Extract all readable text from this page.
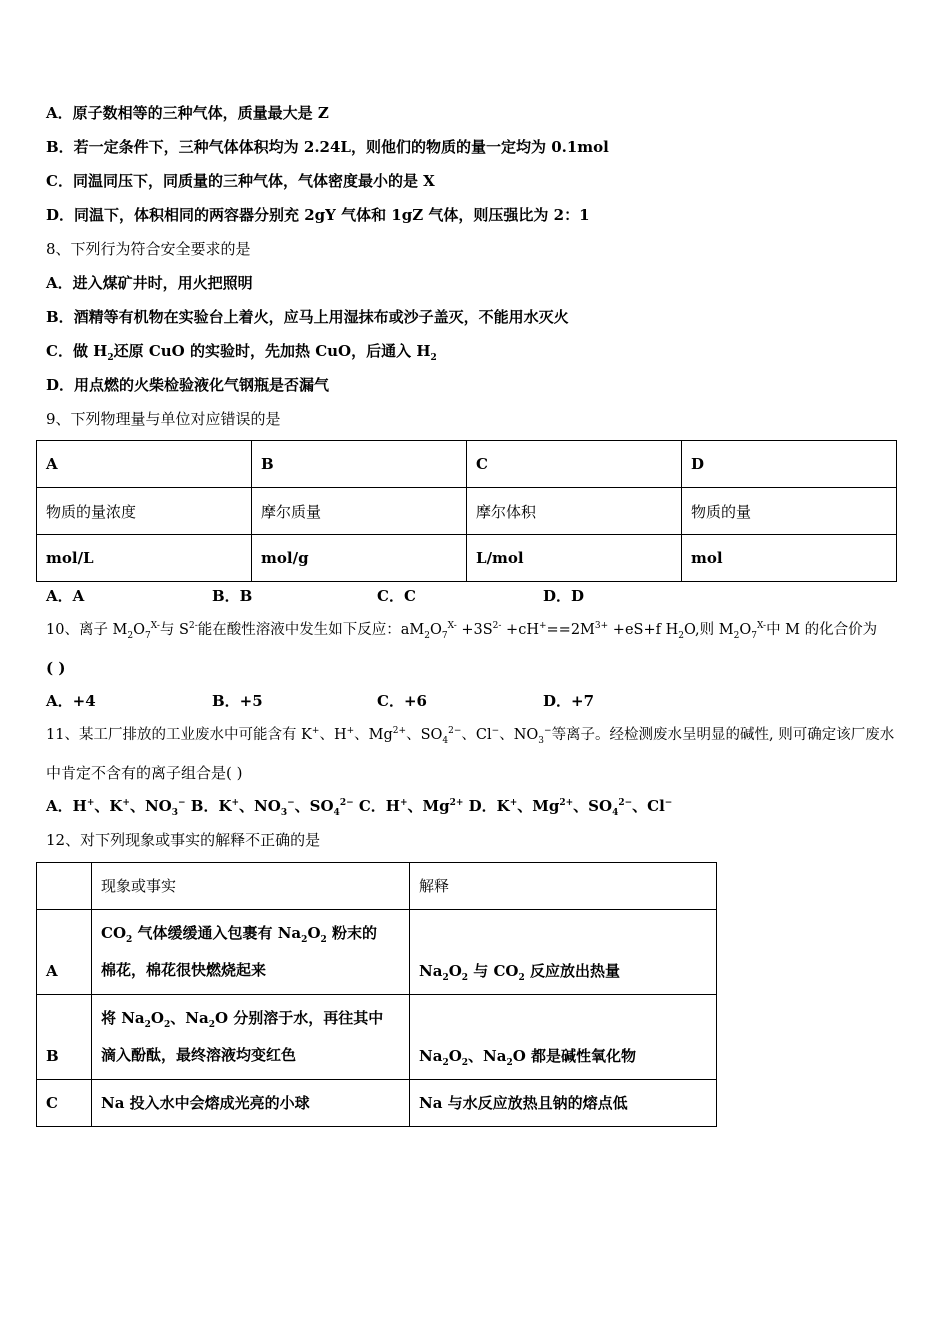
A．原子数相等的三种气体，质量最大是 Z
B．若一定条件下，三种气体体积均为 2.24L，则他们的物质的量一定均为 0.1mol
C．同温同压下，同质量的三种气体，气体密度最小的是 X
D．同温下，体积相同的两容器分别充 2gY 气体和 1gZ 气体，则压强比为 2：1
8、下列行为符合安全要求的是
A．进入煤矿井时，用火把照明
B．酒精等有机物在实验台上着火，应马上用湿抹布或沙子盖灭，不能用水灭火
C．做 $H_2$还原 CuO 的实验时，先加热 CuO，后通入 $H_2$
D．用点燃的火柴检验液化气钢瓶是否漏气
9、下列物理量与单位对应错误的是
A	B	C	D
物质的量浓度	摩尔质量	摩尔体积	物质的量
mol/L	mol/g	L/mol	mol
A．A	B．B	C．C	D．D
10、离子 $M_2O_7^{X-}$与 $S^{2-}$能在酸性溶液中发生如下反应：$aM_2O_7^{X-} +3S^{2-} +cH^+==2M^{3+} +eS+f$ $H_2O$,则 $M_2O_7^{X-}$中 M 的化合价为
( )
A．+4	B．+5	C．+6	D．+7
11、某工厂排放的工业废水中可能含有 K+、H+、$Mg^{2+}$、$SO_4^{2-}$、Cl−、$NO_3^-$等离子。经检测废水呈明显的碱性, 则可确定该厂废水
中肯定不含有的离子组合是( )
A．H+、K+、$NO_3^-$ B．K+、$NO_3^-$、$SO_4^{2-}$ C．H+、$Mg^{2+}$ D．K+、$Mg^{2+}$、$SO_4^{2-}$、Cl−
12、对下列现象或事实的解释不正确的是
	现象或事实	解释
A	$CO_2$ 气体缓缓通入包裹有 $Na_2O_2$ 粉末的
棉花，棉花很快燃烧起来	$Na_2O_2$ 与 $CO_2$ 反应放出热量
B	将 $Na_2O_2$、$Na_2O$ 分别溶于水，再往其中
滴入酚酞，最终溶液均变红色	$Na_2O_2$、$Na_2O$ 都是碱性氧化物
C	Na 投入水中会熔成光亮的小球	Na 与水反应放热且钠的熔点低
